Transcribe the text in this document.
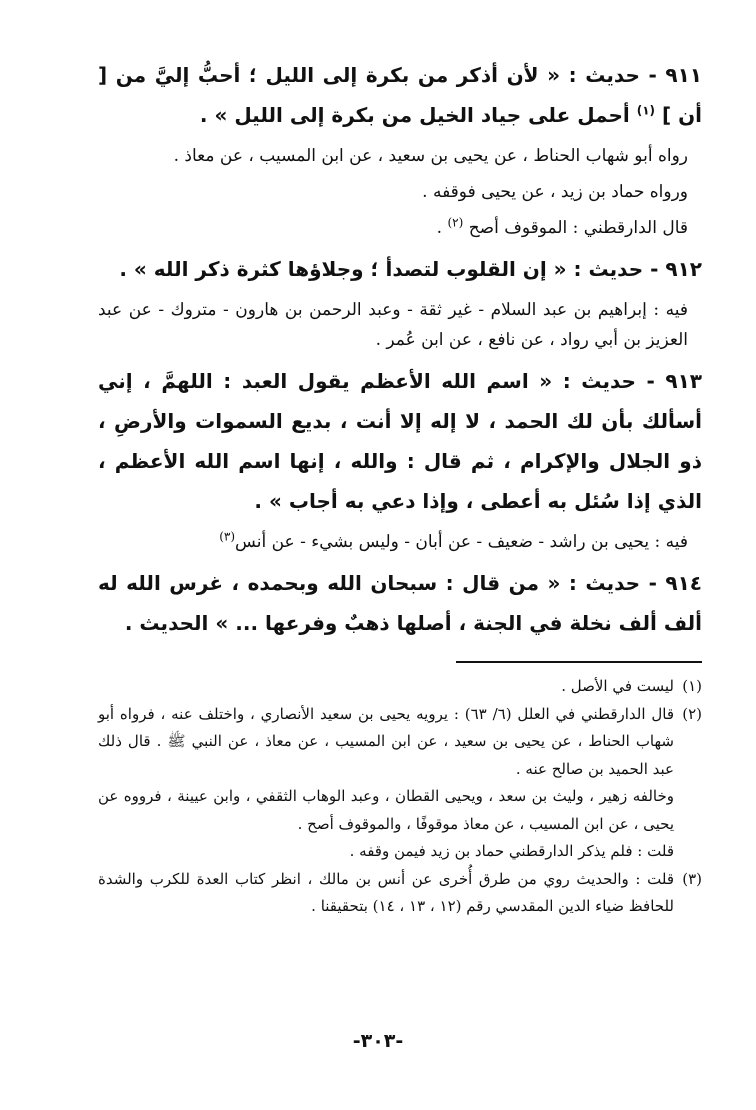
٩١١ - حديث : « لأن أذكر من بكرة إلى الليل ؛ أحبُّ إليَّ من [ أن ] $^{(١)}$ أحمل على جياد الخيل من بكرة إلى الليل » .

رواه أبو شهاب الحناط ، عن يحيى بن سعيد ، عن ابن المسيب ، عن معاذ .

ورواه حماد بن زيد ، عن يحيى فوقفه .

قال الدارقطني : الموقوف أصح $^{(٢)}$ .

٩١٢ - حديث : « إن القلوب لتصدأ ؛ وجلاؤها كثرة ذكر الله » .

فيه : إبراهيم بن عبد السلام - غير ثقة - وعبد الرحمن بن هارون - متروك - عن عبد العزيز بن أبي رواد ، عن نافع ، عن ابن عُمر .

٩١٣ - حديث : « اسم الله الأعظم يقول العبد : اللهمَّ ، إني أسألك بأن لك الحمد ، لا إله إلا أنت ، بديع السموات والأرضِ ، ذو الجلال والإكرام ، ثم قال : والله ، إنها اسم الله الأعظم ، الذي إذا سُئل به أعطى ، وإذا دعي به أجاب » .

فيه : يحيى بن راشد - ضعيف - عن أبان - وليس بشيء - عن أنس$^{(٣)}$

٩١٤ - حديث : « من قال : سبحان الله وبحمده ، غرس الله له ألف ألف نخلة في الجنة ، أصلها ذهبٌ وفرعها ... » الحديث .

(١)
ليست في الأصل .

(٢)
قال الدارقطني في العلل (٦/ ٦٣) : يرويه يحيى بن سعيد الأنصاري ، واختلف عنه ، فرواه أبو شهاب الحناط ، عن يحيى بن سعيد ، عن ابن المسيب ، عن معاذ ، عن النبي ﷺ . قال ذلك عبد الحميد بن صالح عنه .

وخالفه زهير ، وليث بن سعد ، ويحيى القطان ، وعبد الوهاب الثقفي ، وابن عيينة ، فرووه عن يحيى ، عن ابن المسيب ، عن معاذ موقوفًا ، والموقوف أصح .

قلت : فلم يذكر الدارقطني حماد بن زيد فيمن وقفه .

(٣)
قلت : والحديث روي من طرق أُخرى عن أنس بن مالك ، انظر كتاب العدة للكرب والشدة للحافظ ضياء الدين المقدسي رقم (١٢ ، ١٣ ، ١٤) بتحقيقنا .

-٣٠٣-
